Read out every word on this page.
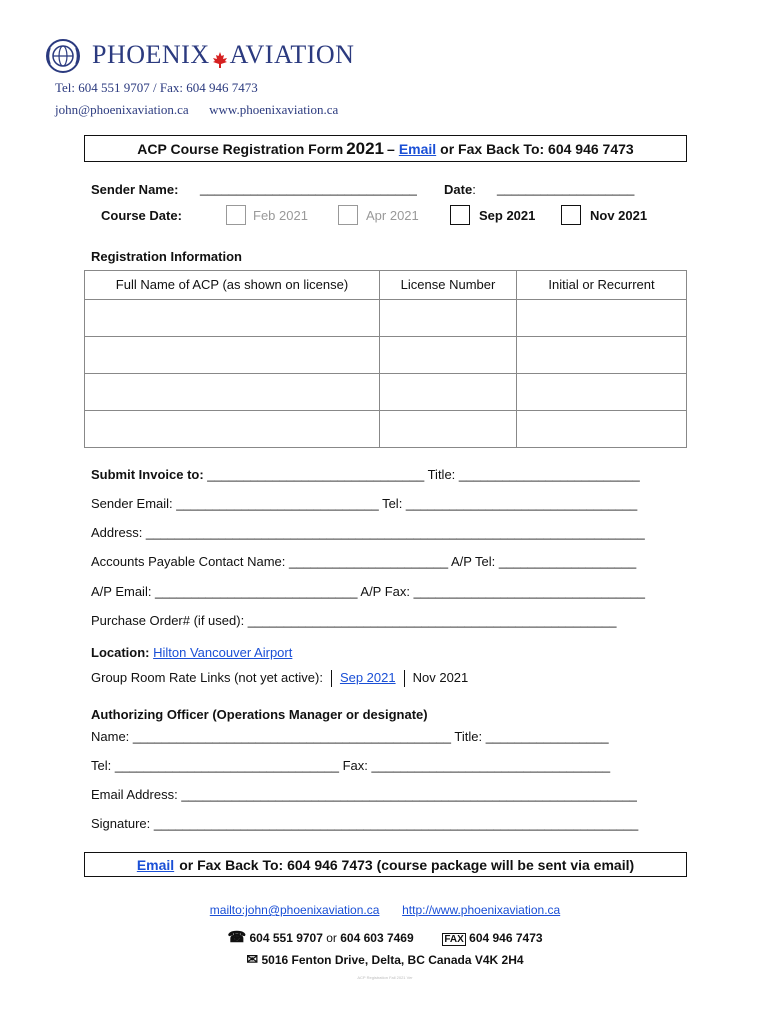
PHOENIX AVIATION
Tel: 604 551 9707 / Fax: 604 946 7473
john@phoenixaviation.ca www.phoenixaviation.ca
ACP Course Registration Form 2021 – Email or Fax Back To: 604 946 7473
Sender Name: ______________________________ Date: ___________________
Course Date:	Feb 2021	Apr 2021	Sep 2021	Nov 2021
Registration Information
Full Name of ACP (as shown on license)	License Number	Initial or Recurrent

Submit Invoice to: ______________________________ Title: _________________________
Sender Email: ____________________________ Tel: ________________________________
Address: _____________________________________________________________________
Accounts Payable Contact Name: ______________________ A/P Tel: ___________________
A/P Email: ____________________________ A/P Fax: ________________________________
Purchase Order# (if used): ___________________________________________________
Location: Hilton Vancouver Airport
Group Room Rate Links (not yet active): Sep 2021 Nov 2021
Authorizing Officer (Operations Manager or designate)
Name: ____________________________________________ Title: _________________
Tel: _______________________________ Fax: _________________________________
Email Address: _______________________________________________________________
Signature: ___________________________________________________________________
Email or Fax Back To: 604 946 7473 (course package will be sent via email)
mailto:john@phoenixaviation.ca http://www.phoenixaviation.ca
☎ 604 551 9707 or 604 603 7469	FAX 604 946 7473
✉ 5016 Fenton Drive, Delta, BC Canada V4K 2H4
ACP Registration Fall 2021 Ver
